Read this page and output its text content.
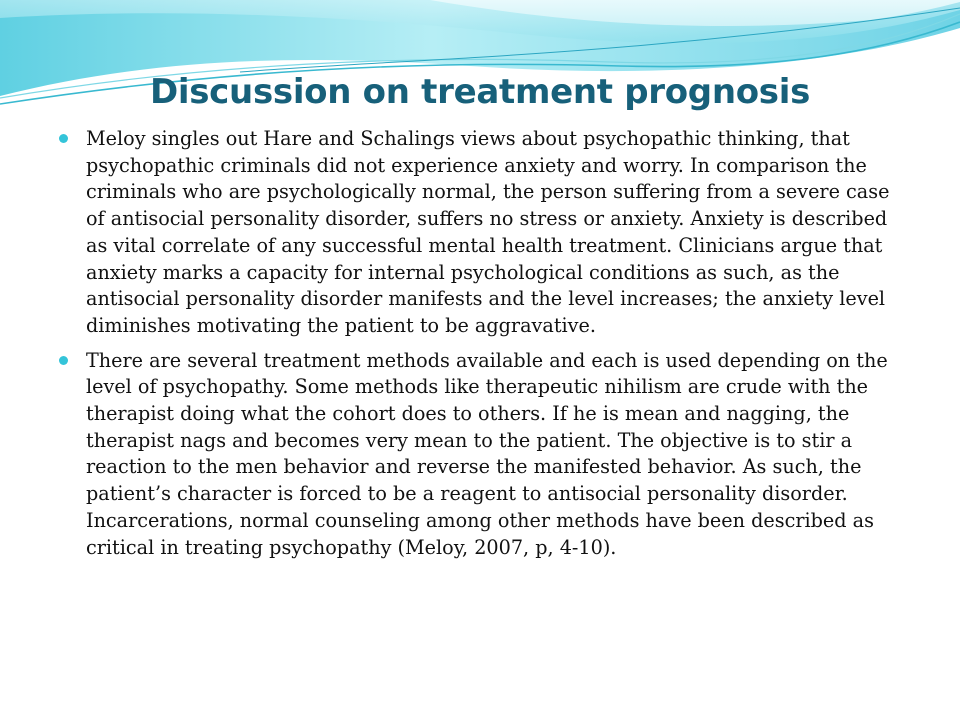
Discussion on treatment prognosis

Meloy singles out Hare and Schalings views about psychopathic thinking, that psychopathic criminals did not experience anxiety and worry. In comparison the criminals who are psychologically normal, the person suffering from a severe case of antisocial personality disorder, suffers no stress or anxiety. Anxiety is described as vital correlate of any successful mental health treatment. Clinicians argue that anxiety marks a capacity for internal psychological conditions as such, as the antisocial personality disorder manifests and the level increases; the anxiety level diminishes motivating the patient to be aggravative.

There are several treatment methods available and each is used depending on the level of psychopathy. Some methods like therapeutic nihilism are crude with the therapist doing what the cohort does to others. If he is mean and nagging, the therapist nags and becomes very mean to the patient. The objective is to stir a reaction to the men behavior and reverse the manifested behavior. As such, the patient’s character is forced to be a reagent to antisocial personality disorder. Incarcerations, normal counseling among other methods have been described as critical in treating psychopathy (Meloy, 2007, p, 4-10).
